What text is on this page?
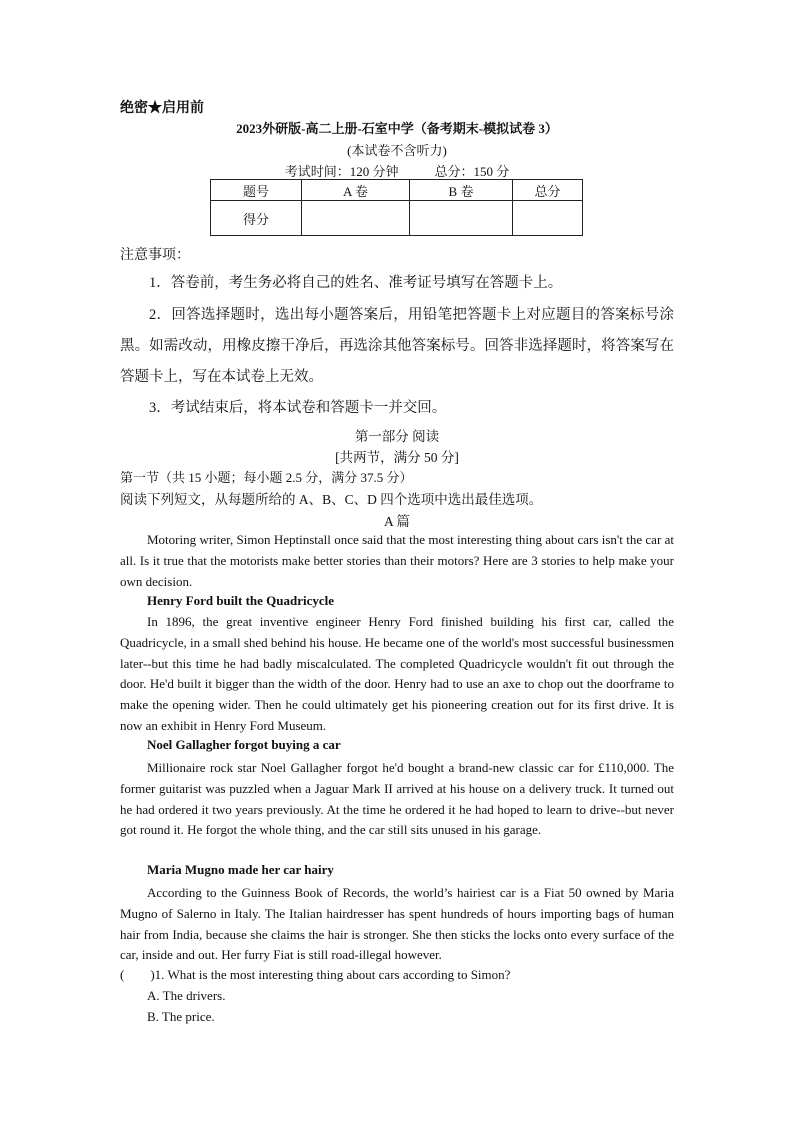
绝密★启用前
2023外研版-高二上册-石室中学（备考期末-模拟试卷 3）
(本试卷不含听力)
考试时间：120 分钟	总分：150 分
题号	A 卷	B 卷	总分
得分			
注意事项：
1．答卷前，考生务必将自己的姓名、准考证号填写在答题卡上。
2．回答选择题时，选出每小题答案后，用铅笔把答题卡上对应题目的答案标号涂黑。如需改动，用橡皮擦干净后，再选涂其他答案标号。回答非选择题时，将答案写在答题卡上，写在本试卷上无效。
3．考试结束后，将本试卷和答题卡一并交回。
第一部分 阅读
[共两节，满分 50 分]
第一节（共 15 小题；每小题 2.5 分，满分 37.5 分）
阅读下列短文，从每题所给的 A、B、C、D 四个选项中选出最佳选项。
A 篇
Motoring writer, Simon Heptinstall once said that the most interesting thing about cars isn't the car at all. Is it true that the motorists make better stories than their motors? Here are 3 stories to help make your own decision.
Henry Ford built the Quadricycle
In 1896, the great inventive engineer Henry Ford finished building his first car, called the Quadricycle, in a small shed behind his house. He became one of the world's most successful businessmen later--but this time he had badly miscalculated. The completed Quadricycle wouldn't fit out through the door. He'd built it bigger than the width of the door. Henry had to use an axe to chop out the doorframe to make the opening wider. Then he could ultimately get his pioneering creation out for its first drive. It is now an exhibit in Henry Ford Museum.
Noel Gallagher forgot buying a car
Millionaire rock star Noel Gallagher forgot he'd bought a brand-new classic car for £110,000. The former guitarist was puzzled when a Jaguar Mark II arrived at his house on a delivery truck. It turned out he had ordered it two years previously. At the time he ordered it he had hoped to learn to drive--but never got round it. He forgot the whole thing, and the car still sits unused in his garage.
Maria Mugno made her car hairy
According to the Guinness Book of Records, the world’s hairiest car is a Fiat 50 owned by Maria Mugno of Salerno in Italy. The Italian hairdresser has spent hundreds of hours importing bags of human hair from India, because she claims the hair is stronger. She then sticks the locks onto every surface of the car, inside and out. Her furry Fiat is still road-illegal however.
( )1. What is the most interesting thing about cars according to Simon?
A. The drivers.
B. The price.
